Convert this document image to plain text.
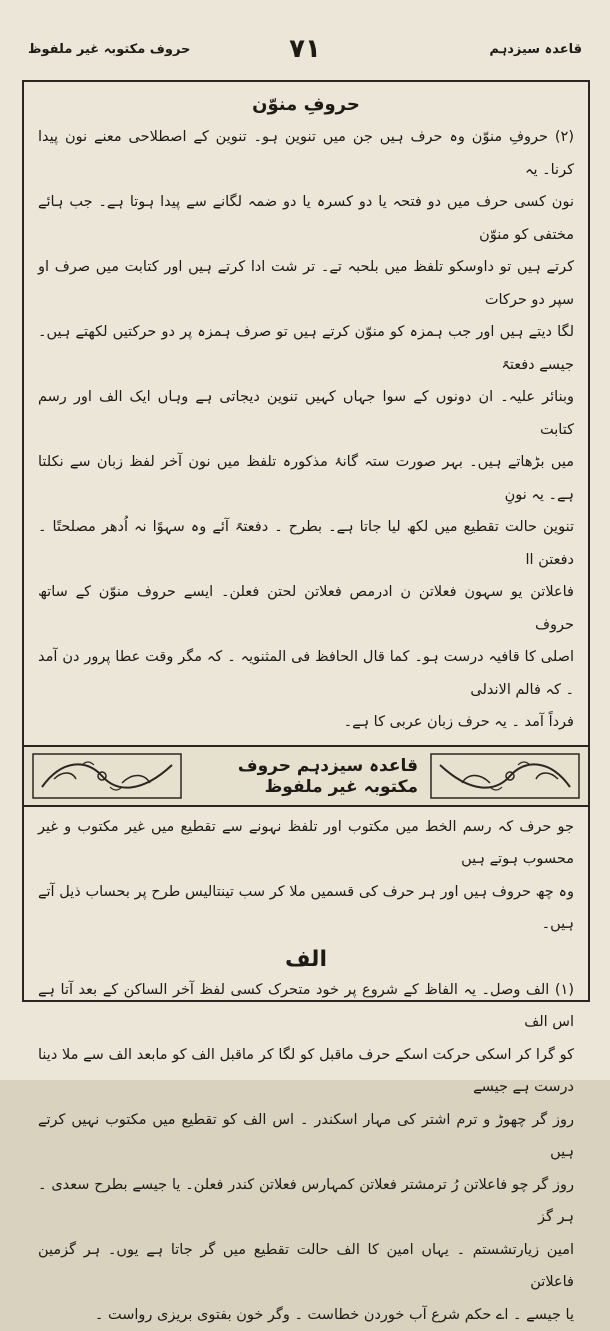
حروف مکتوبہ غیر ملفوظ	۷۱	قاعدہ سیزدہم
حروفِ منوّن

(۲) حروفِ منوّن وہ حرف ہیں جن میں تنوین ہو۔ تنوین کے اصطلاحی معنے نون پیدا کرنا۔ یہ

نون کسی حرف میں دو فتحہ یا دو کسرہ یا دو ضمہ لگانے سے پیدا ہوتا ہے۔ جب ہائے مختفی کو منوّن

کرتے ہیں تو داوسکو تلفظ میں بلحبہ تے۔ تر شت ادا کرتے ہیں اور کتابت میں صرف او سپر دو حرکات

لگا دیتے ہیں اور جب ہمزہ کو منوّن کرتے ہیں تو صرف ہمزہ پر دو حرکتیں لکھتے ہیں۔ جیسے دفعتہً

وبنائر علیہ۔ ان دونوں کے سوا جہاں کہیں تنوین دیجاتی ہے وہاں ایک الف اور رسم کتابت

میں بڑھاتے ہیں۔ بہر صورت ستہ گانۂ مذکورہ تلفظ میں نون آخر لفظ زبان سے نکلتا ہے۔ یہ نونِ

تنوین حالت تقطیع میں لکھ لیا جاتا ہے۔ بطرح ۔ دفعتہً آئے وہ سہوًا نہ اُدھر مصلحتًا ۔ دفعتن اا

فاعلاتن یو سہون فعلاتن ن ادرمص فعلاتن لحتن فعلن۔ ایسے حروف منوّن کے ساتھ حروف

اصلی کا قافیہ درست ہو۔ کما قال الحافظ فی المثنویہ ۔ کہ مگر وقت عطا پرور دن آمد ۔ کہ فالم الاندلی

فرداً آمد ۔ یہ حرف زبان عربی کا ہے۔

قاعدہ سیزدہم حروف مکتوبہ غیر ملفوظ

جو حرف کہ رسم الخط میں مکتوب اور تلفظ نہونے سے تقطیع میں غیر مکتوب و غیر محسوب ہوتے ہیں

وہ چھ حروف ہیں اور ہر حرف کی قسمیں ملا کر سب تینتالیس طرح پر بحساب ذیل آتے ہیں۔

الف

(۱) الف وصل۔ یہ الفاظ کے شروع پر خود متحرک کسی لفظ آخر الساکن کے بعد آتا ہے اس الف

کو گرا کر اسکی حرکت اسکے حرف ماقبل کو لگا کر ماقبل الف کو مابعد الف سے ملا دینا درست ہے جیسے

روز گر چھوڑ و ترم اشتر کی مہار اسکندر ۔ اس الف کو تقطیع میں مکتوب نہیں کرتے ہیں

روز گر چو فاعلاتن رُ ترمشتر فعلاتن کمہارس فعلاتن کندر فعلن۔ یا جیسے بطرح سعدی ۔ ہر گز

امین زیارتشستم ۔ یہاں امین کا الف حالت تقطیع میں گر جاتا ہے یوں۔ ہر گزمین فاعلاتن

یا جیسے ۔ اے حکم شرع آب خوردن خطاست ۔ وگر خون بفتوی بریزی رواست ۔
